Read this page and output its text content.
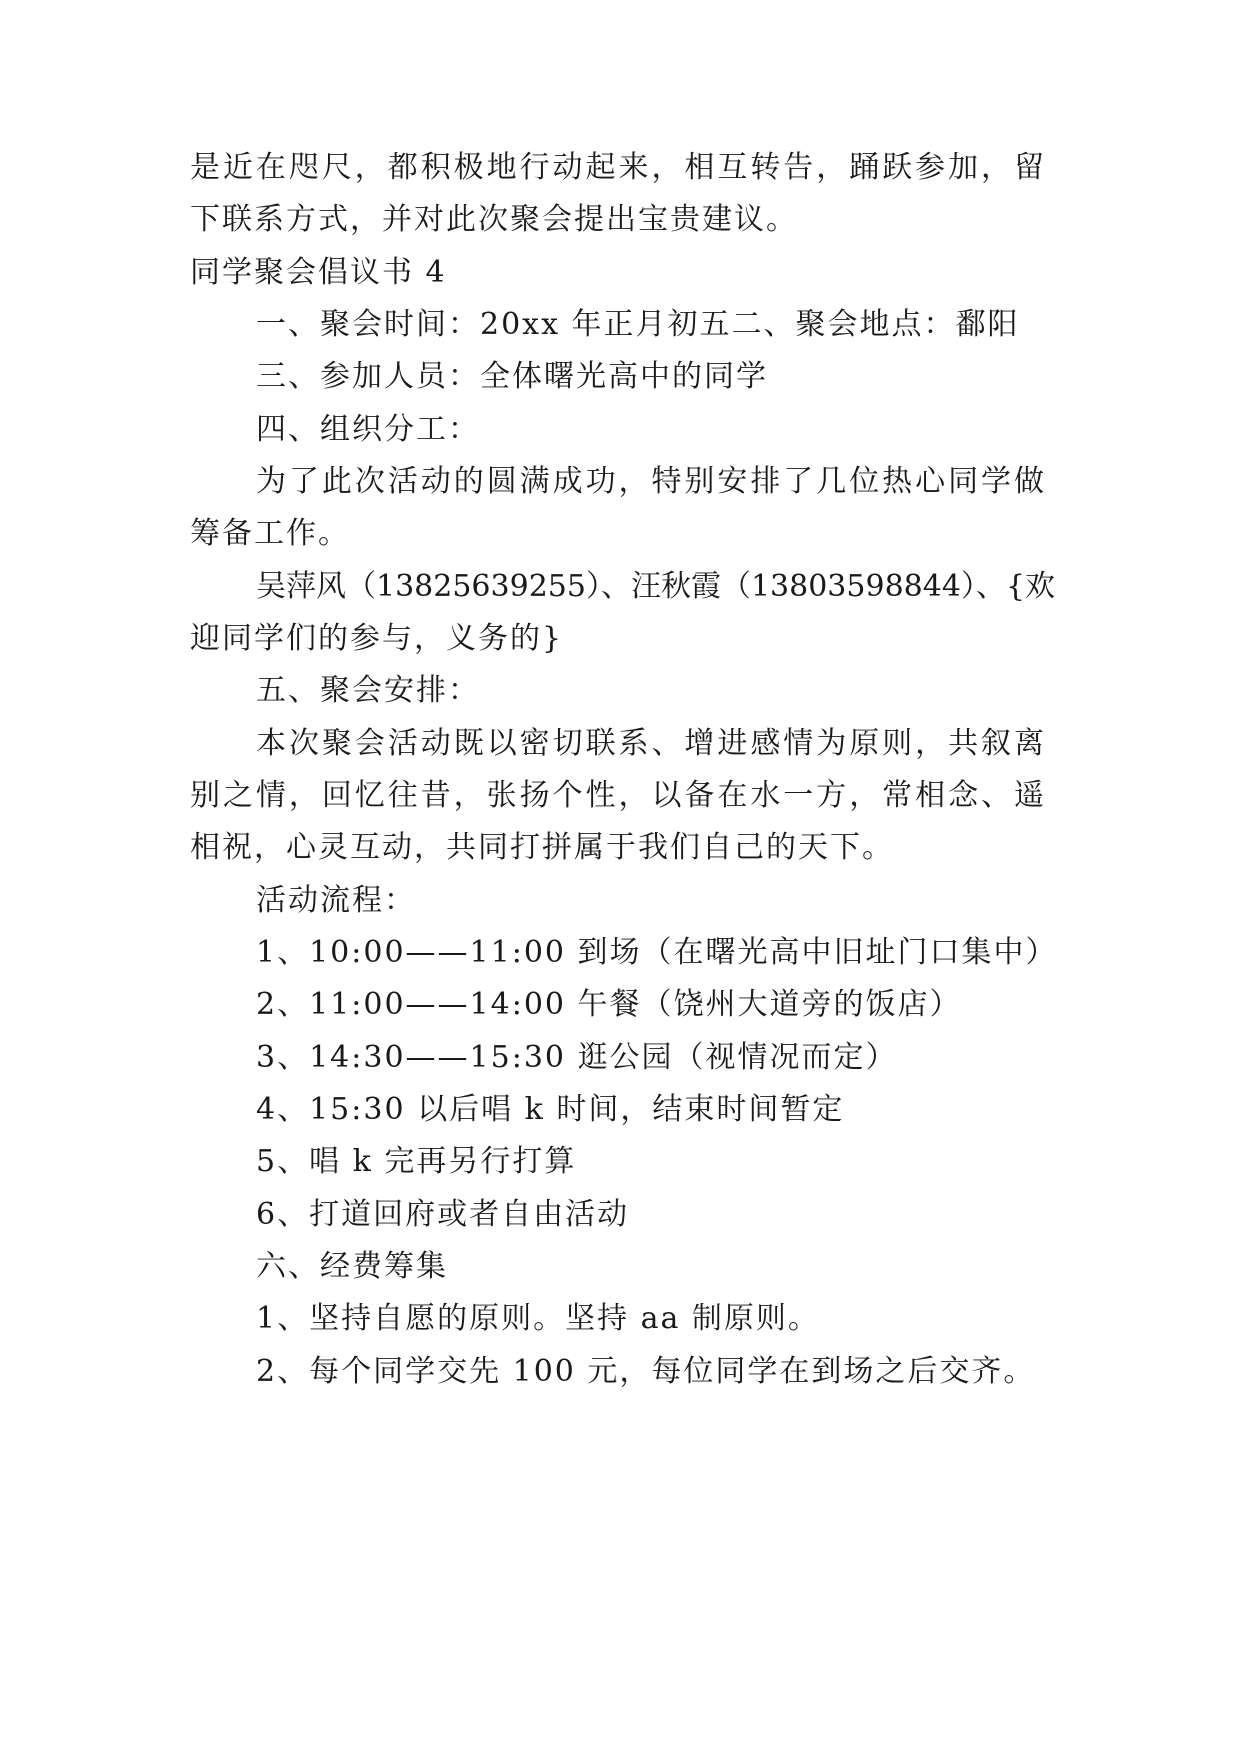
是近在咫尺，都积极地行动起来，相互转告，踊跃参加，留
下联系方式，并对此次聚会提出宝贵建议。
同学聚会倡议书 4
一、聚会时间：20xx 年正月初五二、聚会地点：鄱阳
三、参加人员：全体曙光高中的同学
四、组织分工：
为了此次活动的圆满成功，特别安排了几位热心同学做
筹备工作。
吴萍风（13825639255）、汪秋霞（13803598844）、{欢
迎同学们的参与，义务的}
五、聚会安排：
本次聚会活动既以密切联系、增进感情为原则，共叙离
别之情，回忆往昔，张扬个性，以备在水一方，常相念、遥
相祝，心灵互动，共同打拼属于我们自己的天下。
活动流程：
1、10:00——11:00 到场（在曙光高中旧址门口集中）
2、11:00——14:00 午餐（饶州大道旁的饭店）
3、14:30——15:30 逛公园（视情况而定）
4、15:30 以后唱 k 时间，结束时间暂定
5、唱 k 完再另行打算
6、打道回府或者自由活动
六、经费筹集
1、坚持自愿的原则。坚持 aa 制原则。
2、每个同学交先 100 元，每位同学在到场之后交齐。
